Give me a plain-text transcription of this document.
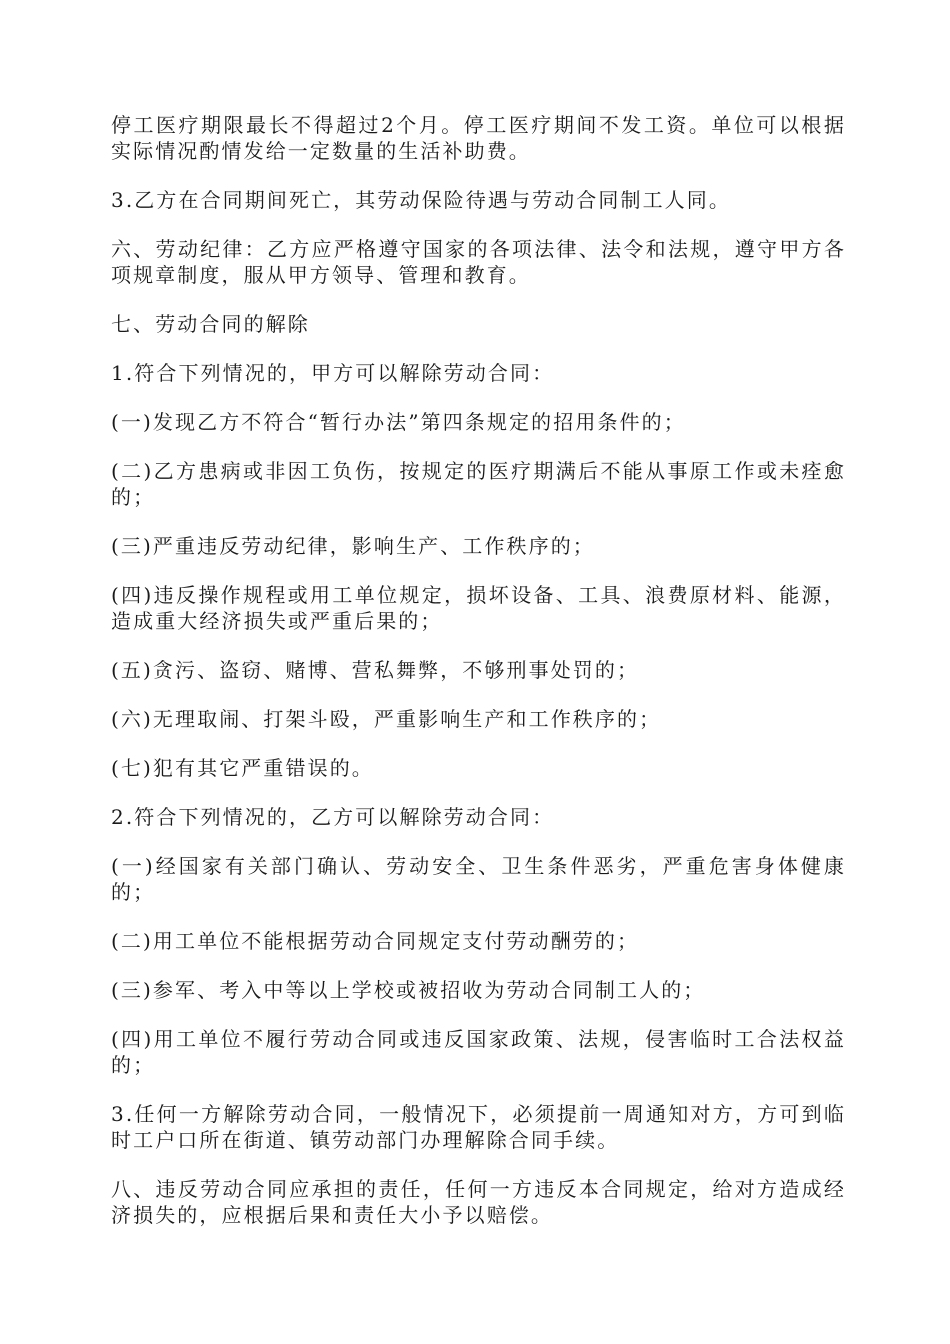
停工医疗期限最长不得超过2个月。停工医疗期间不发工资。单位可以根据实际情况酌情发给一定数量的生活补助费。

3.乙方在合同期间死亡，其劳动保险待遇与劳动合同制工人同。

六、劳动纪律：乙方应严格遵守国家的各项法律、法令和法规，遵守甲方各项规章制度，服从甲方领导、管理和教育。

七、劳动合同的解除

1.符合下列情况的，甲方可以解除劳动合同：

(一)发现乙方不符合“暂行办法”第四条规定的招用条件的；

(二)乙方患病或非因工负伤，按规定的医疗期满后不能从事原工作或未痊愈的；

(三)严重违反劳动纪律，影响生产、工作秩序的；

(四)违反操作规程或用工单位规定，损坏设备、工具、浪费原材料、能源，造成重大经济损失或严重后果的；

(五)贪污、盗窃、赌博、营私舞弊，不够刑事处罚的；

(六)无理取闹、打架斗殴，严重影响生产和工作秩序的；

(七)犯有其它严重错误的。

2.符合下列情况的，乙方可以解除劳动合同：

(一)经国家有关部门确认、劳动安全、卫生条件恶劣，严重危害身体健康的；

(二)用工单位不能根据劳动合同规定支付劳动酬劳的；

(三)参军、考入中等以上学校或被招收为劳动合同制工人的；

(四)用工单位不履行劳动合同或违反国家政策、法规，侵害临时工合法权益的；

3.任何一方解除劳动合同，一般情况下，必须提前一周通知对方，方可到临时工户口所在街道、镇劳动部门办理解除合同手续。

八、违反劳动合同应承担的责任，任何一方违反本合同规定，给对方造成经济损失的，应根据后果和责任大小予以赔偿。
